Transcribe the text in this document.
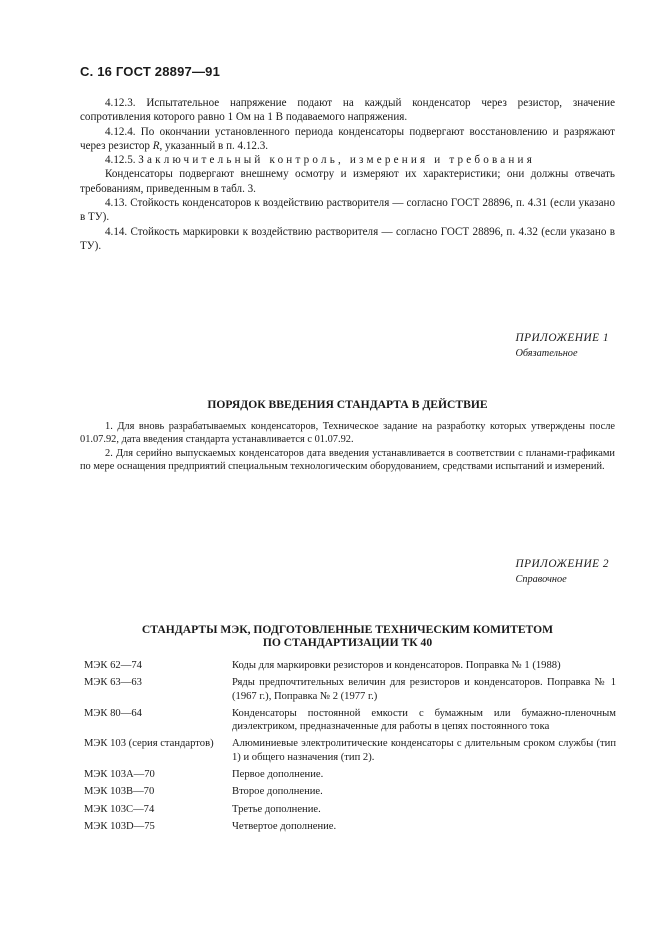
С. 16 ГОСТ 28897—91

4.12.3. Испытательное напряжение подают на каждый конденсатор через резистор, значение сопротивления которого равно 1 Ом на 1 В подаваемого напряжения.

4.12.4. По окончании установленного периода конденсаторы подвергают восстановлению и разряжают через резистор R, указанный в п. 4.12.3.

4.12.5. Заключительный контроль, измерения и требования

Конденсаторы подвергают внешнему осмотру и измеряют их характеристики; они должны отвечать требованиям, приведенным в табл. 3.

4.13. Стойкость конденсаторов к воздействию растворителя — согласно ГОСТ 28896, п. 4.31 (если указано в ТУ).

4.14. Стойкость маркировки к воздействию растворителя — согласно ГОСТ 28896, п. 4.32 (если указано в ТУ).

ПРИЛОЖЕНИЕ 1
Обязательное
ПОРЯДОК ВВЕДЕНИЯ СТАНДАРТА В ДЕЙСТВИЕ

1. Для вновь разрабатываемых конденсаторов, Техническое задание на разработку которых утверждены после 01.07.92, дата введения стандарта устанавливается с 01.07.92.

2. Для серийно выпускаемых конденсаторов дата введения устанавливается в соответствии с планами-графиками по мере оснащения предприятий специальным технологическим оборудованием, средствами испытаний и измерений.

ПРИЛОЖЕНИЕ 2
Справочное
СТАНДАРТЫ МЭК, ПОДГОТОВЛЕННЫЕ ТЕХНИЧЕСКИМ КОМИТЕТОМ
ПО СТАНДАРТИЗАЦИИ ТК 40
МЭК 62—74	Коды для маркировки резисторов и конденсаторов. Поправка № 1 (1988)
МЭК 63—63	Ряды предпочтительных величин для резисторов и конденсаторов. Поправка № 1 (1967 г.), Поправка № 2 (1977 г.)
МЭК 80—64	Конденсаторы постоянной емкости с бумажным или бумажно-пленочным диэлектриком, предназначенные для работы в цепях постоянного тока
МЭК 103 (серия стандартов)	Алюминиевые электролитические конденсаторы с длительным сроком службы (тип 1) и общего назначения (тип 2).
МЭК 103A—70	Первое дополнение.
МЭК 103B—70	Второе дополнение.
МЭК 103C—74	Третье дополнение.
МЭК 103D—75	Четвертое дополнение.
